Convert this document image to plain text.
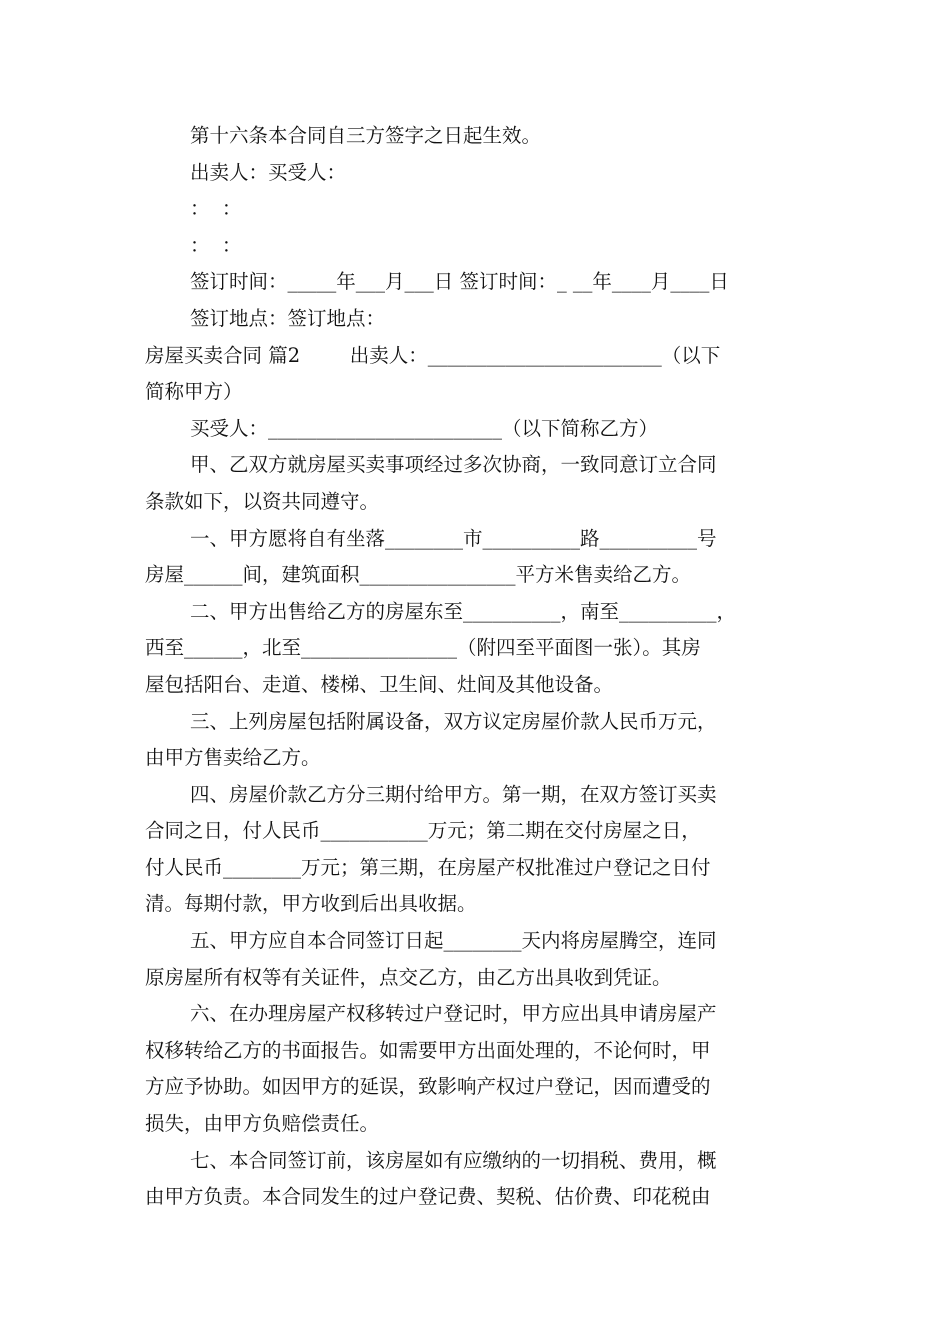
第十六条本合同自三方签字之日起生效。
出卖人：买受人：
：  ：
：  ：
签订时间：_____年___月___日 签订时间：_ __年____月____日
签订地点：签订地点：
房屋买卖合同 篇2        出卖人：________________________（以下
简称甲方）
买受人：________________________（以下简称乙方）
甲、乙双方就房屋买卖事项经过多次协商，一致同意订立合同
条款如下，以资共同遵守。
一、甲方愿将自有坐落________市__________路__________号
房屋______间，建筑面积________________平方米售卖给乙方。
二、甲方出售给乙方的房屋东至__________，南至__________，
西至______，北至________________（附四至平面图一张）。其房
屋包括阳台、走道、楼梯、卫生间、灶间及其他设备。
三、上列房屋包括附属设备，双方议定房屋价款人民币万元，
由甲方售卖给乙方。
四、房屋价款乙方分三期付给甲方。第一期，在双方签订买卖
合同之日，付人民币___________万元；第二期在交付房屋之日，
付人民币________万元；第三期，在房屋产权批准过户登记之日付
清。每期付款，甲方收到后出具收据。
五、甲方应自本合同签订日起________天内将房屋腾空，连同
原房屋所有权等有关证件，点交乙方，由乙方出具收到凭证。
六、在办理房屋产权移转过户登记时，甲方应出具申请房屋产
权移转给乙方的书面报告。如需要甲方出面处理的，不论何时，甲
方应予协助。如因甲方的延误，致影响产权过户登记，因而遭受的
损失，由甲方负赔偿责任。
七、本合同签订前，该房屋如有应缴纳的一切捐税、费用，概
由甲方负责。本合同发生的过户登记费、契税、估价费、印花税由
